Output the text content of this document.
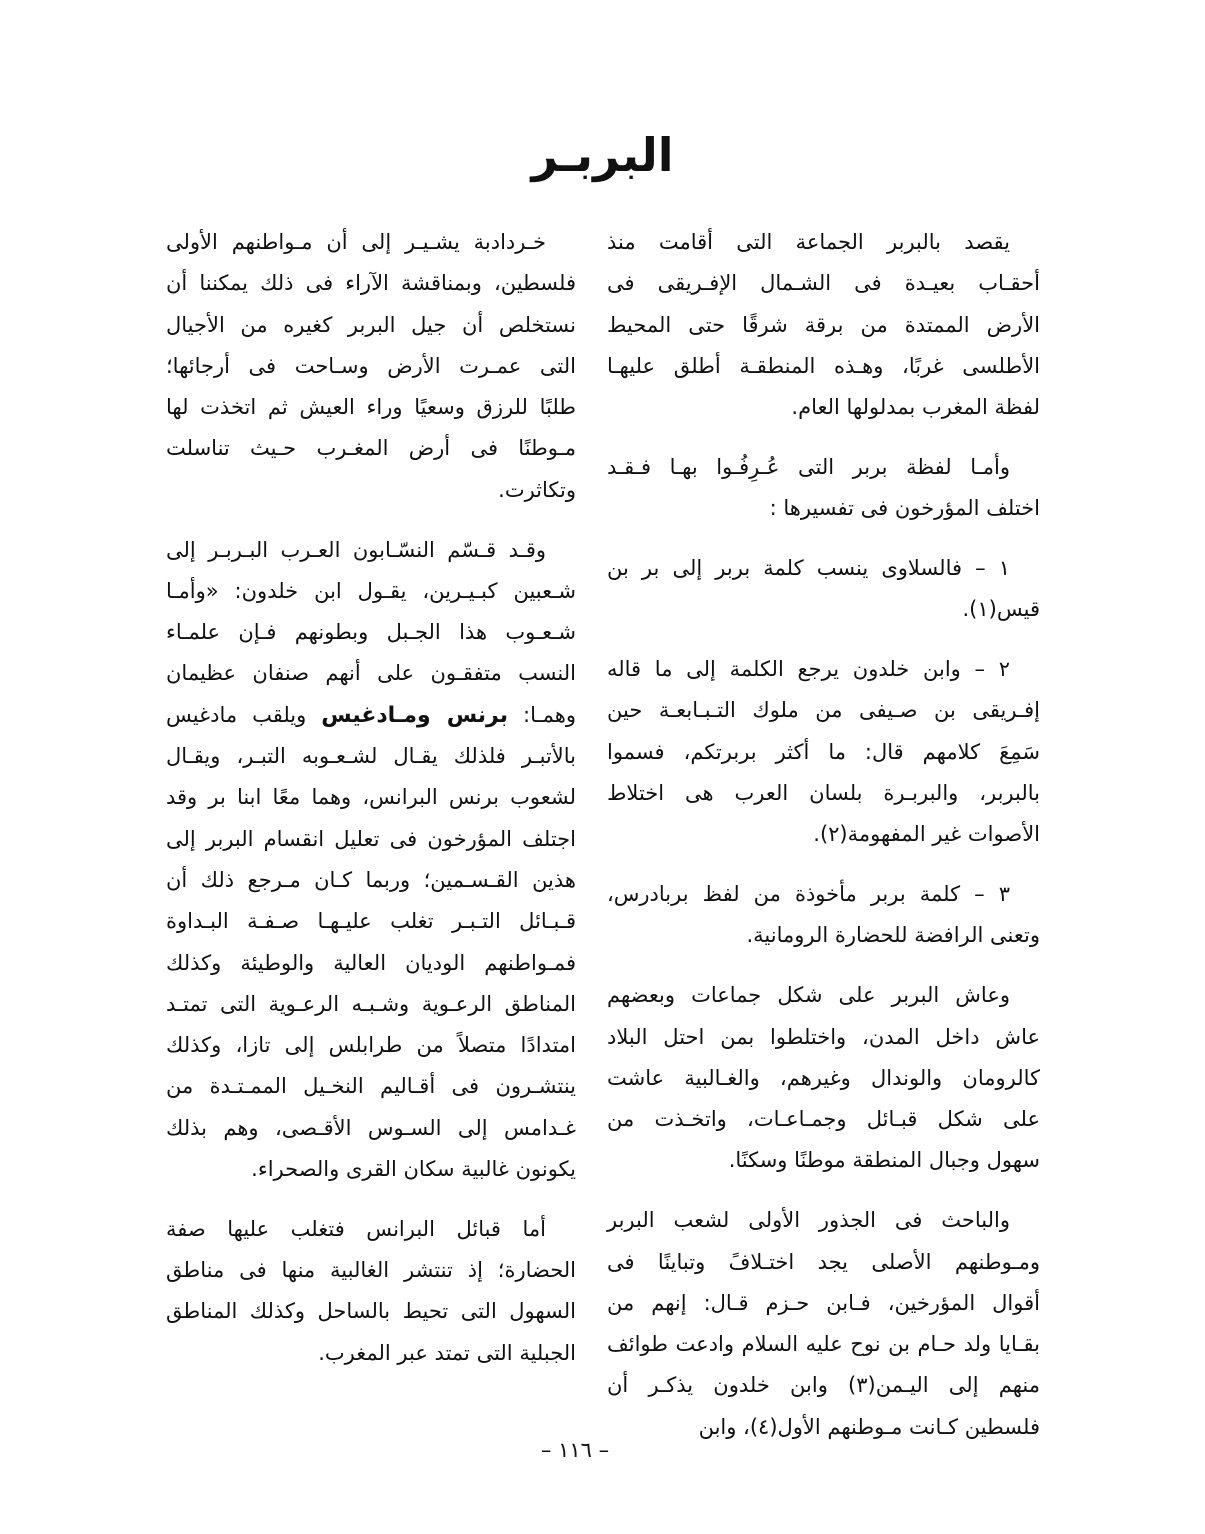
البربـر
يقصد بالبربر الجماعة التى أقامت منذ
أحقـاب بعيـدة فى الشـمال الإفـريقى فى
الأرض الممتدة من برقة شرقًا حتى المحيط
الأطلسى غربًا، وهـذه المنطقـة أطلق عليهـا
لفظة المغرب بمدلولها العام.
وأمـا لفظة بربر التى عُـرِفُـوا بهـا فـقـد
اختلف المؤرخون فى تفسيرها :
١ – فالسلاوى ينسب كلمة بربر إلى بر بن
قيس(١).
٢ – وابن خلدون يرجع الكلمة إلى ما قاله
إفـريقى بن صـيفى من ملوك التـبـابعـة حين
سَمِعَ كلامهم قال: ما أكثر بربرتكم، فسموا
بالبربر، والبربـرة بلسان العرب هى اختلاط
الأصوات غير المفهومة(٢).
٣ – كلمة بربر مأخوذة من لفظ بربادرس،
وتعنى الرافضة للحضارة الرومانية.
وعاش البربر على شكل جماعات وبعضهم
عاش داخل المدن، واختلطوا بمن احتل البلاد
كالرومان والوندال وغيرهم، والغـالبية عاشت
على شكل قبـائل وجمـاعـات، واتخـذت من
سهول وجبال المنطقة موطنًا وسكنًا.
والباحث فى الجذور الأولى لشعب البربر
ومـوطنهم الأصلى يجد اختـلافً وتباينًا فى
أقوال المؤرخين، فـابن حـزم قـال: إنهم من
بقـايا ولد حـام بن نوح عليه السلام وادعت طوائف
منهم إلى اليـمن(٣) وابن خلدون يذكـر أن
فلسطين كـانت مـوطنهم الأول(٤)، وابن
خـردادبة يشـيـر إلى أن مـواطنهم الأولى
فلسطين، وبمناقشة الآراء فى ذلك يمكننا أن
نستخلص أن جيل البربر كغيره من الأجيال
التى عمـرت الأرض وسـاحت فى أرجائها؛
طلبًا للرزق وسعيًا وراء العيش ثم اتخذت لها
مـوطنًا فى أرض المغـرب حـيث تناسلت
وتكاثرت.
وقـد قـسّم النسّـابون العـرب البـربـر إلى
شـعبين كبـيـرين، يقـول ابن خلدون: «وأمـا
شـعـوب هذا الجـبل وبطونهم فـإن علمـاء
النسب متفقـون على أنهم صنفان عظيمان
وهمـا: برنس ومـادغيس ويلقب مادغيس
بالأتبـر فلذلك يقـال لشـعـوبه التبـر، ويقـال
لشعوب برنس البرانس، وهما معًا ابنا بر وقد
اجتلف المؤرخون فى تعليل انقسام البربر إلى
هذين القـسـمين؛ وربما كـان مـرجع ذلك أن
قـبـائل التـبـر تغلب عليـهـا صـفـة البـداوة
فمـواطنهم الوديان العالية والوطيئة وكذلك
المناطق الرعـوية وشـبـه الرعـوية التى تمتـد
امتدادًا متصلاً من طرابلس إلى تازا، وكذلك
ينتشـرون فى أقـاليم النخـيل الممـتـدة من
غـدامس إلى السـوس الأقـصى، وهم بذلك
يكونون غالبية سكان القرى والصحراء.
أما قبائل البرانس فتغلب عليها صفة
الحضارة؛ إذ تنتشر الغالبية منها فى مناطق
السهول التى تحيط بالساحل وكذلك المناطق
الجبلية التى تمتد عبر المغرب.
– ١١٦ –
